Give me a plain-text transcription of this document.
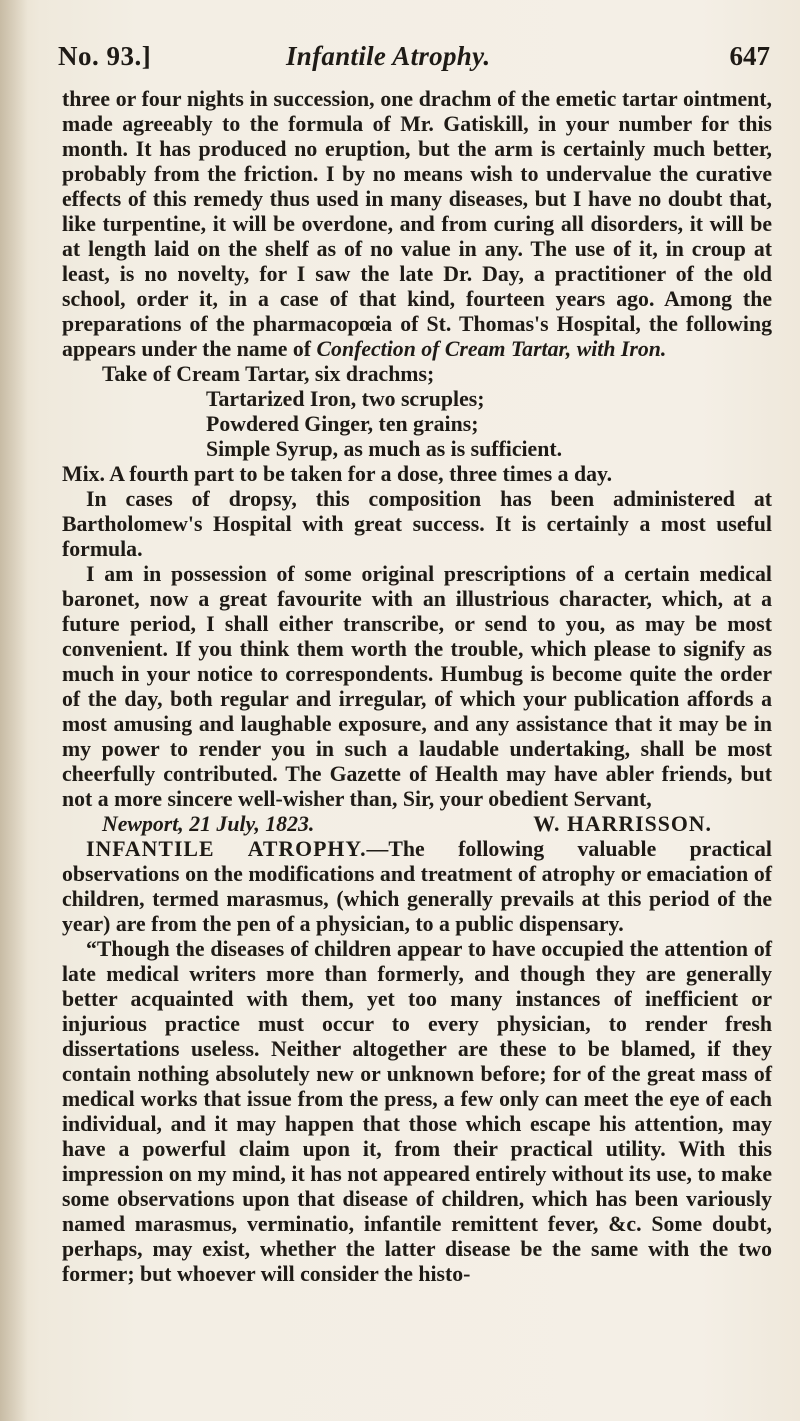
No. 93.]	Infantile Atrophy.	647

three or four nights in succession, one drachm of the emetic tartar ointment, made agreeably to the formula of Mr. Gatiskill, in your number for this month. It has produced no eruption, but the arm is certainly much better, probably from the friction. I by no means wish to undervalue the curative effects of this remedy thus used in many diseases, but I have no doubt that, like turpentine, it will be overdone, and from curing all disorders, it will be at length laid on the shelf as of no value in any. The use of it, in croup at least, is no novelty, for I saw the late Dr. Day, a practitioner of the old school, order it, in a case of that kind, fourteen years ago. Among the preparations of the pharmacopœia of St. Thomas's Hospital, the following appears under the name of Confection of Cream Tartar, with Iron.

Take of Cream Tartar, six drachms;
Tartarized Iron, two scruples;
Powdered Ginger, ten grains;
Simple Syrup, as much as is sufficient.

Mix. A fourth part to be taken for a dose, three times a day.

In cases of dropsy, this composition has been administered at Bartholomew's Hospital with great success. It is certainly a most useful formula.

I am in possession of some original prescriptions of a certain medical baronet, now a great favourite with an illustrious character, which, at a future period, I shall either transcribe, or send to you, as may be most convenient. If you think them worth the trouble, which please to signify as much in your notice to correspondents. Humbug is become quite the order of the day, both regular and irregular, of which your publication affords a most amusing and laughable exposure, and any assistance that it may be in my power to render you in such a laudable undertaking, shall be most cheerfully contributed. The Gazette of Health may have abler friends, but not a more sincere well-wisher than, Sir, your obedient Servant,

Newport, 21 July, 1823.	W. HARRISSON.

INFANTILE ATROPHY.—The following valuable practical observations on the modifications and treatment of atrophy or emaciation of children, termed marasmus, (which generally prevails at this period of the year) are from the pen of a physician, to a public dispensary.

“Though the diseases of children appear to have occupied the attention of late medical writers more than formerly, and though they are generally better acquainted with them, yet too many instances of inefficient or injurious practice must occur to every physician, to render fresh dissertations useless. Neither altogether are these to be blamed, if they contain nothing absolutely new or unknown before; for of the great mass of medical works that issue from the press, a few only can meet the eye of each individual, and it may happen that those which escape his attention, may have a powerful claim upon it, from their practical utility. With this impression on my mind, it has not appeared entirely without its use, to make some observations upon that disease of children, which has been variously named marasmus, verminatio, infantile remittent fever, &c. Some doubt, perhaps, may exist, whether the latter disease be the same with the two former; but whoever will consider the histo-
